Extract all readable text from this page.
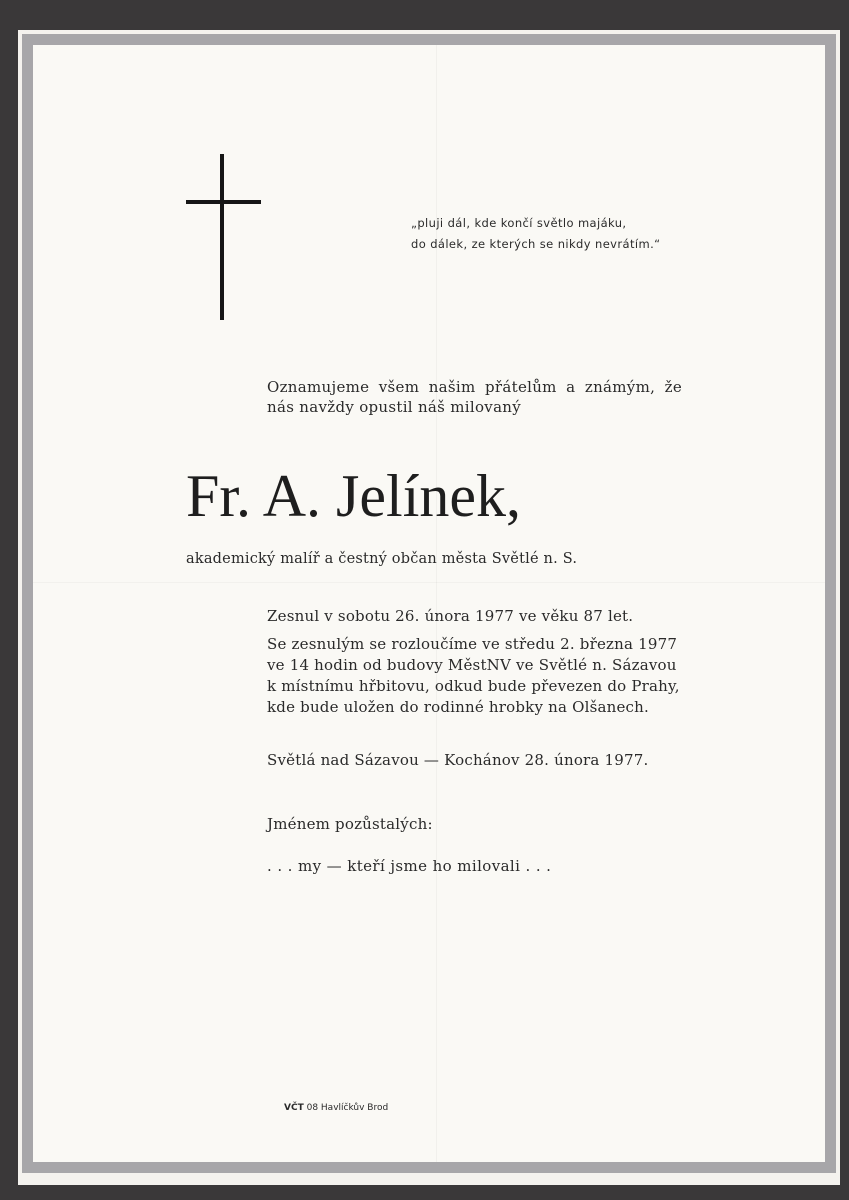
„pluji dál, kde končí světlo majáku,
do dálek, ze kterých se nikdy nevrátím.“
Oznamujeme všem našim přátelům a známým, že
nás navždy opustil náš milovaný
Fr. A. Jelínek,
akademický malíř a čestný občan města Světlé n. S.
Zesnul v sobotu 26. února 1977 ve věku 87 let.
Se zesnulým se rozloučíme ve středu 2. března 1977
ve 14 hodin od budovy MěstNV ve Světlé n. Sázavou
k místnímu hřbitovu, odkud bude převezen do Prahy,
kde bude uložen do rodinné hrobky na Olšanech.
Světlá nad Sázavou — Kochánov 28. února 1977.
Jménem pozůstalých:
. . . my — kteří jsme ho milovali . . .
VČT 08 Havlíčkův Brod
